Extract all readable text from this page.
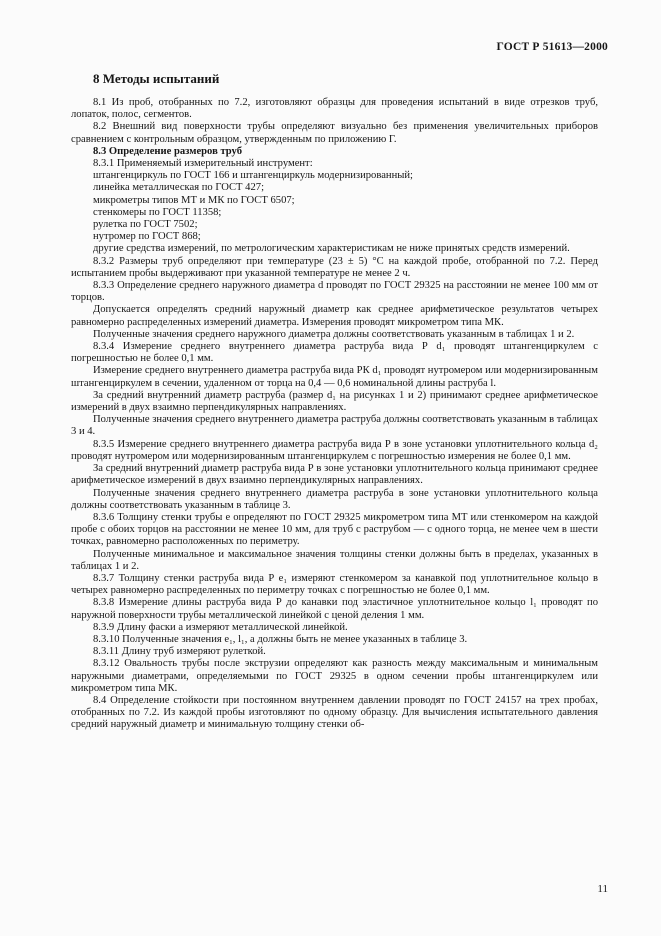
ГОСТ Р 51613—2000
8 Методы испытаний

8.1 Из проб, отобранных по 7.2, изготовляют образцы для проведения испытаний в виде отрезков труб, лопаток, полос, сегментов.

8.2 Внешний вид поверхности трубы определяют визуально без применения увеличительных приборов сравнением с контрольным образцом, утвержденным по приложению Г.

8.3 Определение размеров труб

8.3.1 Применяемый измерительный инструмент:

штангенциркуль по ГОСТ 166 и штангенциркуль модернизированный;

линейка металлическая по ГОСТ 427;

микрометры типов МТ и МК по ГОСТ 6507;

стенкомеры по ГОСТ 11358;

рулетка по ГОСТ 7502;

нутромер по ГОСТ 868;

другие средства измерений, по метрологическим характеристикам не ниже принятых средств измерений.

8.3.2 Размеры труб определяют при температуре (23 ± 5) °С на каждой пробе, отобранной по 7.2. Перед испытанием пробы выдерживают при указанной температуре не менее 2 ч.

8.3.3 Определение среднего наружного диаметра d проводят по ГОСТ 29325 на расстоянии не менее 100 мм от торцов.

Допускается определять средний наружный диаметр как среднее арифметическое результатов четырех равномерно распределенных измерений диаметра. Измерения проводят микрометром типа МК.

Полученные значения среднего наружного диаметра должны соответствовать указанным в таблицах 1 и 2.

8.3.4 Измерение среднего внутреннего диаметра раструба вида Р d₁ проводят штангенциркулем с погрешностью не более 0,1 мм.

Измерение среднего внутреннего диаметра раструба вида РК d₁ проводят нутромером или модернизированным штангенциркулем в сечении, удаленном от торца на 0,4 — 0,6 номинальной длины раструба l.

За средний внутренний диаметр раструба (размер d₁ на рисунках 1 и 2) принимают среднее арифметическое измерений в двух взаимно перпендикулярных направлениях.

Полученные значения среднего внутреннего диаметра раструба должны соответствовать указанным в таблицах 3 и 4.

8.3.5 Измерение среднего внутреннего диаметра раструба вида Р в зоне установки уплотнительного кольца d₂ проводят нутромером или модернизированным штангенциркулем с погрешностью измерения не более 0,1 мм.

За средний внутренний диаметр раструба вида Р в зоне установки уплотнительного кольца принимают среднее арифметическое измерений в двух взаимно перпендикулярных направлениях.

Полученные значения среднего внутреннего диаметра раструба в зоне установки уплотнительного кольца должны соответствовать указанным в таблице 3.

8.3.6 Толщину стенки трубы e определяют по ГОСТ 29325 микрометром типа МТ или стенкомером на каждой пробе с обоих торцов на расстоянии не менее 10 мм, для труб с раструбом — с одного торца, не менее чем в шести точках, равномерно расположенных по периметру.

Полученные минимальное и максимальное значения толщины стенки должны быть в пределах, указанных в таблицах 1 и 2.

8.3.7 Толщину стенки раструба вида Р e₁ измеряют стенкомером за канавкой под уплотнительное кольцо в четырех равномерно распределенных по периметру точках с погрешностью не более 0,1 мм.

8.3.8 Измерение длины раструба вида Р до канавки под эластичное уплотнительное кольцо l₁ проводят по наружной поверхности трубы металлической линейкой с ценой деления 1 мм.

8.3.9 Длину фаски a измеряют металлической линейкой.

8.3.10 Полученные значения e₁, l₁, a должны быть не менее указанных в таблице 3.

8.3.11 Длину труб измеряют рулеткой.

8.3.12 Овальность трубы после экструзии определяют как разность между максимальным и минимальным наружными диаметрами, определяемыми по ГОСТ 29325 в одном сечении пробы штангенциркулем или микрометром типа МК.

8.4 Определение стойкости при постоянном внутреннем давлении проводят по ГОСТ 24157 на трех пробах, отобранных по 7.2. Из каждой пробы изготовляют по одному образцу. Для вычисления испытательного давления средний наружный диаметр и минимальную толщину стенки об-

11
